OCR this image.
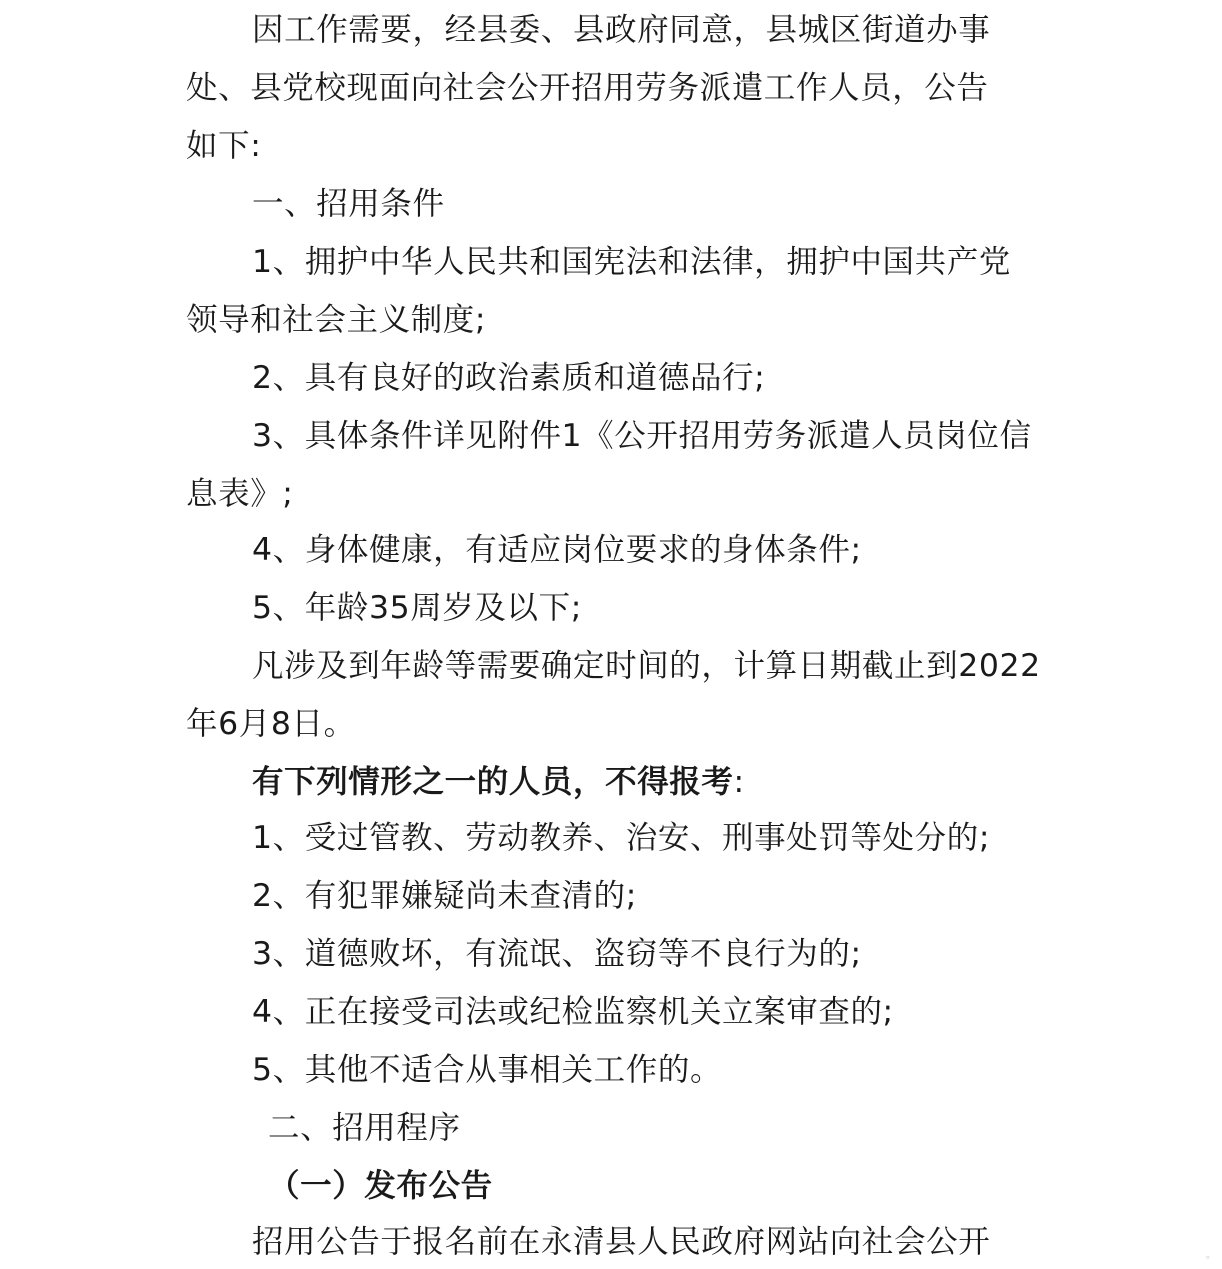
因工作需要，经县委、县政府同意，县城区街道办事
处、县党校现面向社会公开招用劳务派遣工作人员，公告
如下:
一、招用条件
1、拥护中华人民共和国宪法和法律，拥护中国共产党
领导和社会主义制度;
2、具有良好的政治素质和道德品行;
3、具体条件详见附件1《公开招用劳务派遣人员岗位信
息表》;
4、身体健康，有适应岗位要求的身体条件;
5、年龄35周岁及以下;
凡涉及到年龄等需要确定时间的，计算日期截止到2022
年6月8日。
有下列情形之一的人员，不得报考:
1、受过管教、劳动教养、治安、刑事处罚等处分的;
2、有犯罪嫌疑尚未查清的;
3、道德败坏，有流氓、盗窃等不良行为的;
4、正在接受司法或纪检监察机关立案审查的;
5、其他不适合从事相关工作的。
二、招用程序
（一）发布公告
招用公告于报名前在永清县人民政府网站向社会公开	。
